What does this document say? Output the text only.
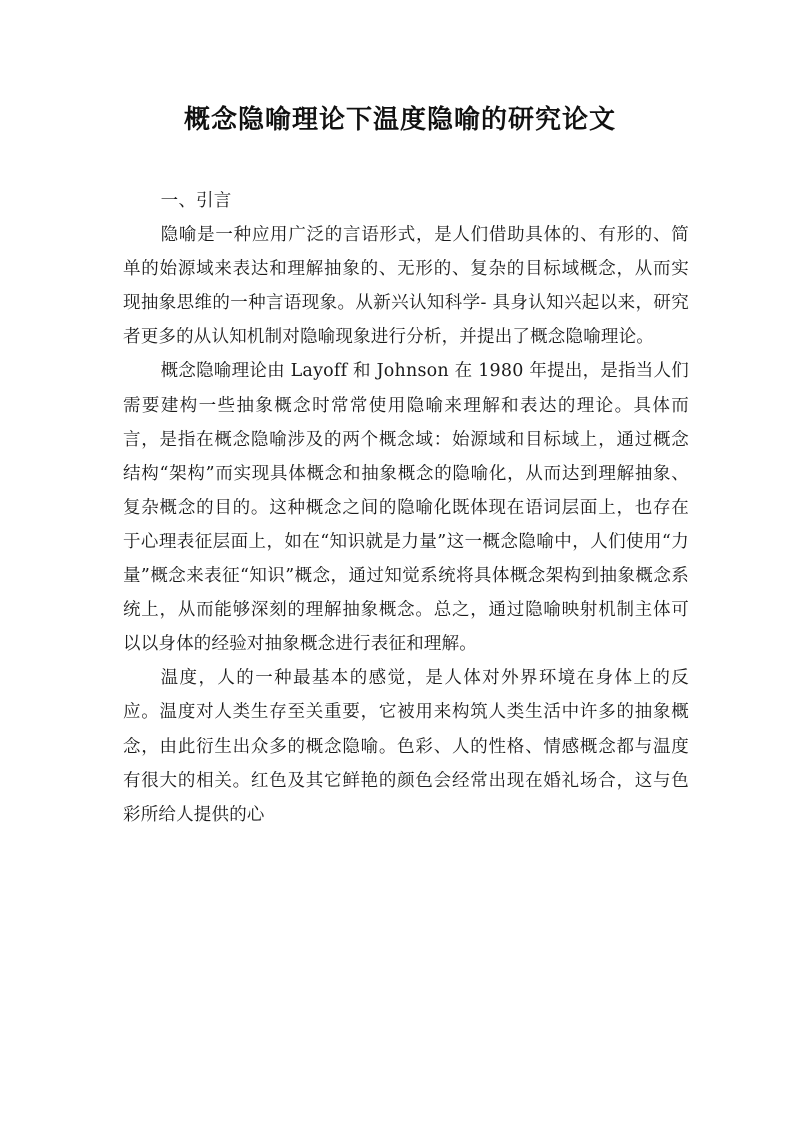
概念隐喻理论下温度隐喻的研究论文

一、引言

隐喻是一种应用广泛的言语形式，是人们借助具体的、有形的、简单的始源域来表达和理解抽象的、无形的、复杂的目标域概念，从而实现抽象思维的一种言语现象。从新兴认知科学- 具身认知兴起以来，研究者更多的从认知机制对隐喻现象进行分析，并提出了概念隐喻理论。

概念隐喻理论由 Layoff 和 Johnson 在 1980 年提出，是指当人们需要建构一些抽象概念时常常使用隐喻来理解和表达的理论。具体而言，是指在概念隐喻涉及的两个概念域：始源域和目标域上，通过概念结构“架构”而实现具体概念和抽象概念的隐喻化，从而达到理解抽象、复杂概念的目的。这种概念之间的隐喻化既体现在语词层面上，也存在于心理表征层面上，如在“知识就是力量”这一概念隐喻中，人们使用“力量”概念来表征“知识”概念，通过知觉系统将具体概念架构到抽象概念系统上，从而能够深刻的理解抽象概念。总之，通过隐喻映射机制主体可以以身体的经验对抽象概念进行表征和理解。

温度，人的一种最基本的感觉，是人体对外界环境在身体上的反应。温度对人类生存至关重要，它被用来构筑人类生活中许多的抽象概念，由此衍生出众多的概念隐喻。色彩、人的性格、情感概念都与温度有很大的相关。红色及其它鲜艳的颜色会经常出现在婚礼场合，这与色彩所给人提供的心
